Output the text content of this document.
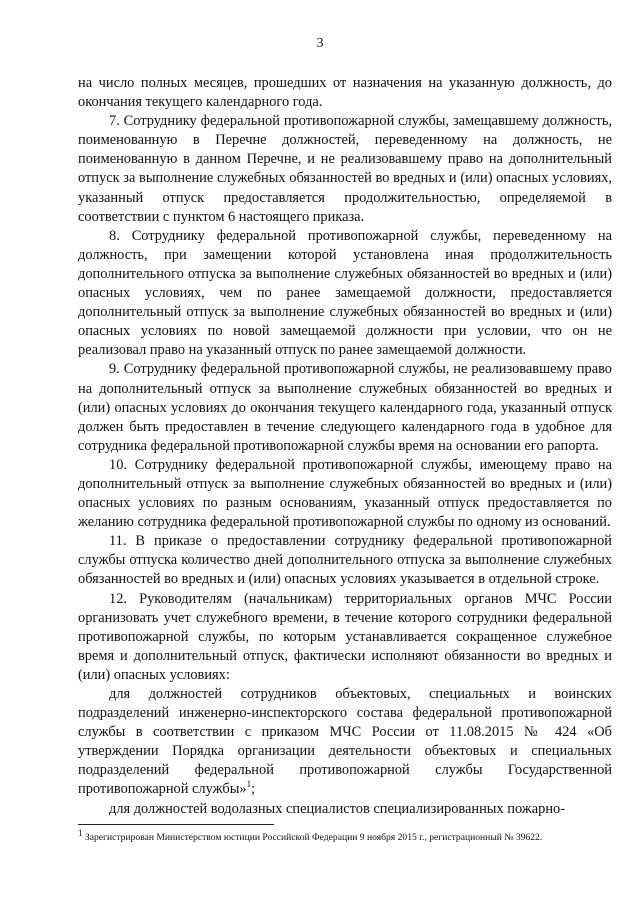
3

на число полных месяцев, прошедших от назначения на указанную должность, до окончания текущего календарного года.

7. Сотруднику федеральной противопожарной службы, замещавшему должность, поименованную в Перечне должностей, переведенному на должность, не поименованную в данном Перечне, и не реализовавшему право на дополнительный отпуск за выполнение служебных обязанностей во вредных и (или) опасных условиях, указанный отпуск предоставляется продолжительностью, определяемой в соответствии с пунктом 6 настоящего приказа.

8. Сотруднику федеральной противопожарной службы, переведенному на должность, при замещении которой установлена иная продолжительность дополнительного отпуска за выполнение служебных обязанностей во вредных и (или) опасных условиях, чем по ранее замещаемой должности, предоставляется дополнительный отпуск за выполнение служебных обязанностей во вредных и (или) опасных условиях по новой замещаемой должности при условии, что он не реализовал право на указанный отпуск по ранее замещаемой должности.

9. Сотруднику федеральной противопожарной службы, не реализовавшему право на дополнительный отпуск за выполнение служебных обязанностей во вредных и (или) опасных условиях до окончания текущего календарного года, указанный отпуск должен быть предоставлен в течение следующего календарного года в удобное для сотрудника федеральной противопожарной службы время на основании его рапорта.

10. Сотруднику федеральной противопожарной службы, имеющему право на дополнительный отпуск за выполнение служебных обязанностей во вредных и (или) опасных условиях по разным основаниям, указанный отпуск предоставляется по желанию сотрудника федеральной противопожарной службы по одному из оснований.

11. В приказе о предоставлении сотруднику федеральной противопожарной службы отпуска количество дней дополнительного отпуска за выполнение служебных обязанностей во вредных и (или) опасных условиях указывается в отдельной строке.

12. Руководителям (начальникам) территориальных органов МЧС России организовать учет служебного времени, в течение которого сотрудники федеральной противопожарной службы, по которым устанавливается сокращенное служебное время и дополнительный отпуск, фактически исполняют обязанности во вредных и (или) опасных условиях:

для должностей сотрудников объектовых, специальных и воинских подразделений инженерно-инспекторского состава федеральной противопожарной службы в соответствии с приказом МЧС России от 11.08.2015 № 424 «Об утверждении Порядка организации деятельности объектовых и специальных подразделений федеральной противопожарной службы Государственной противопожарной службы»$^1$;

для должностей водолазных специалистов специализированных пожарно-

$^1$ Зарегистрирован Министерством юстиции Российской Федерации 9 ноября 2015 г., регистрационный № 39622.
